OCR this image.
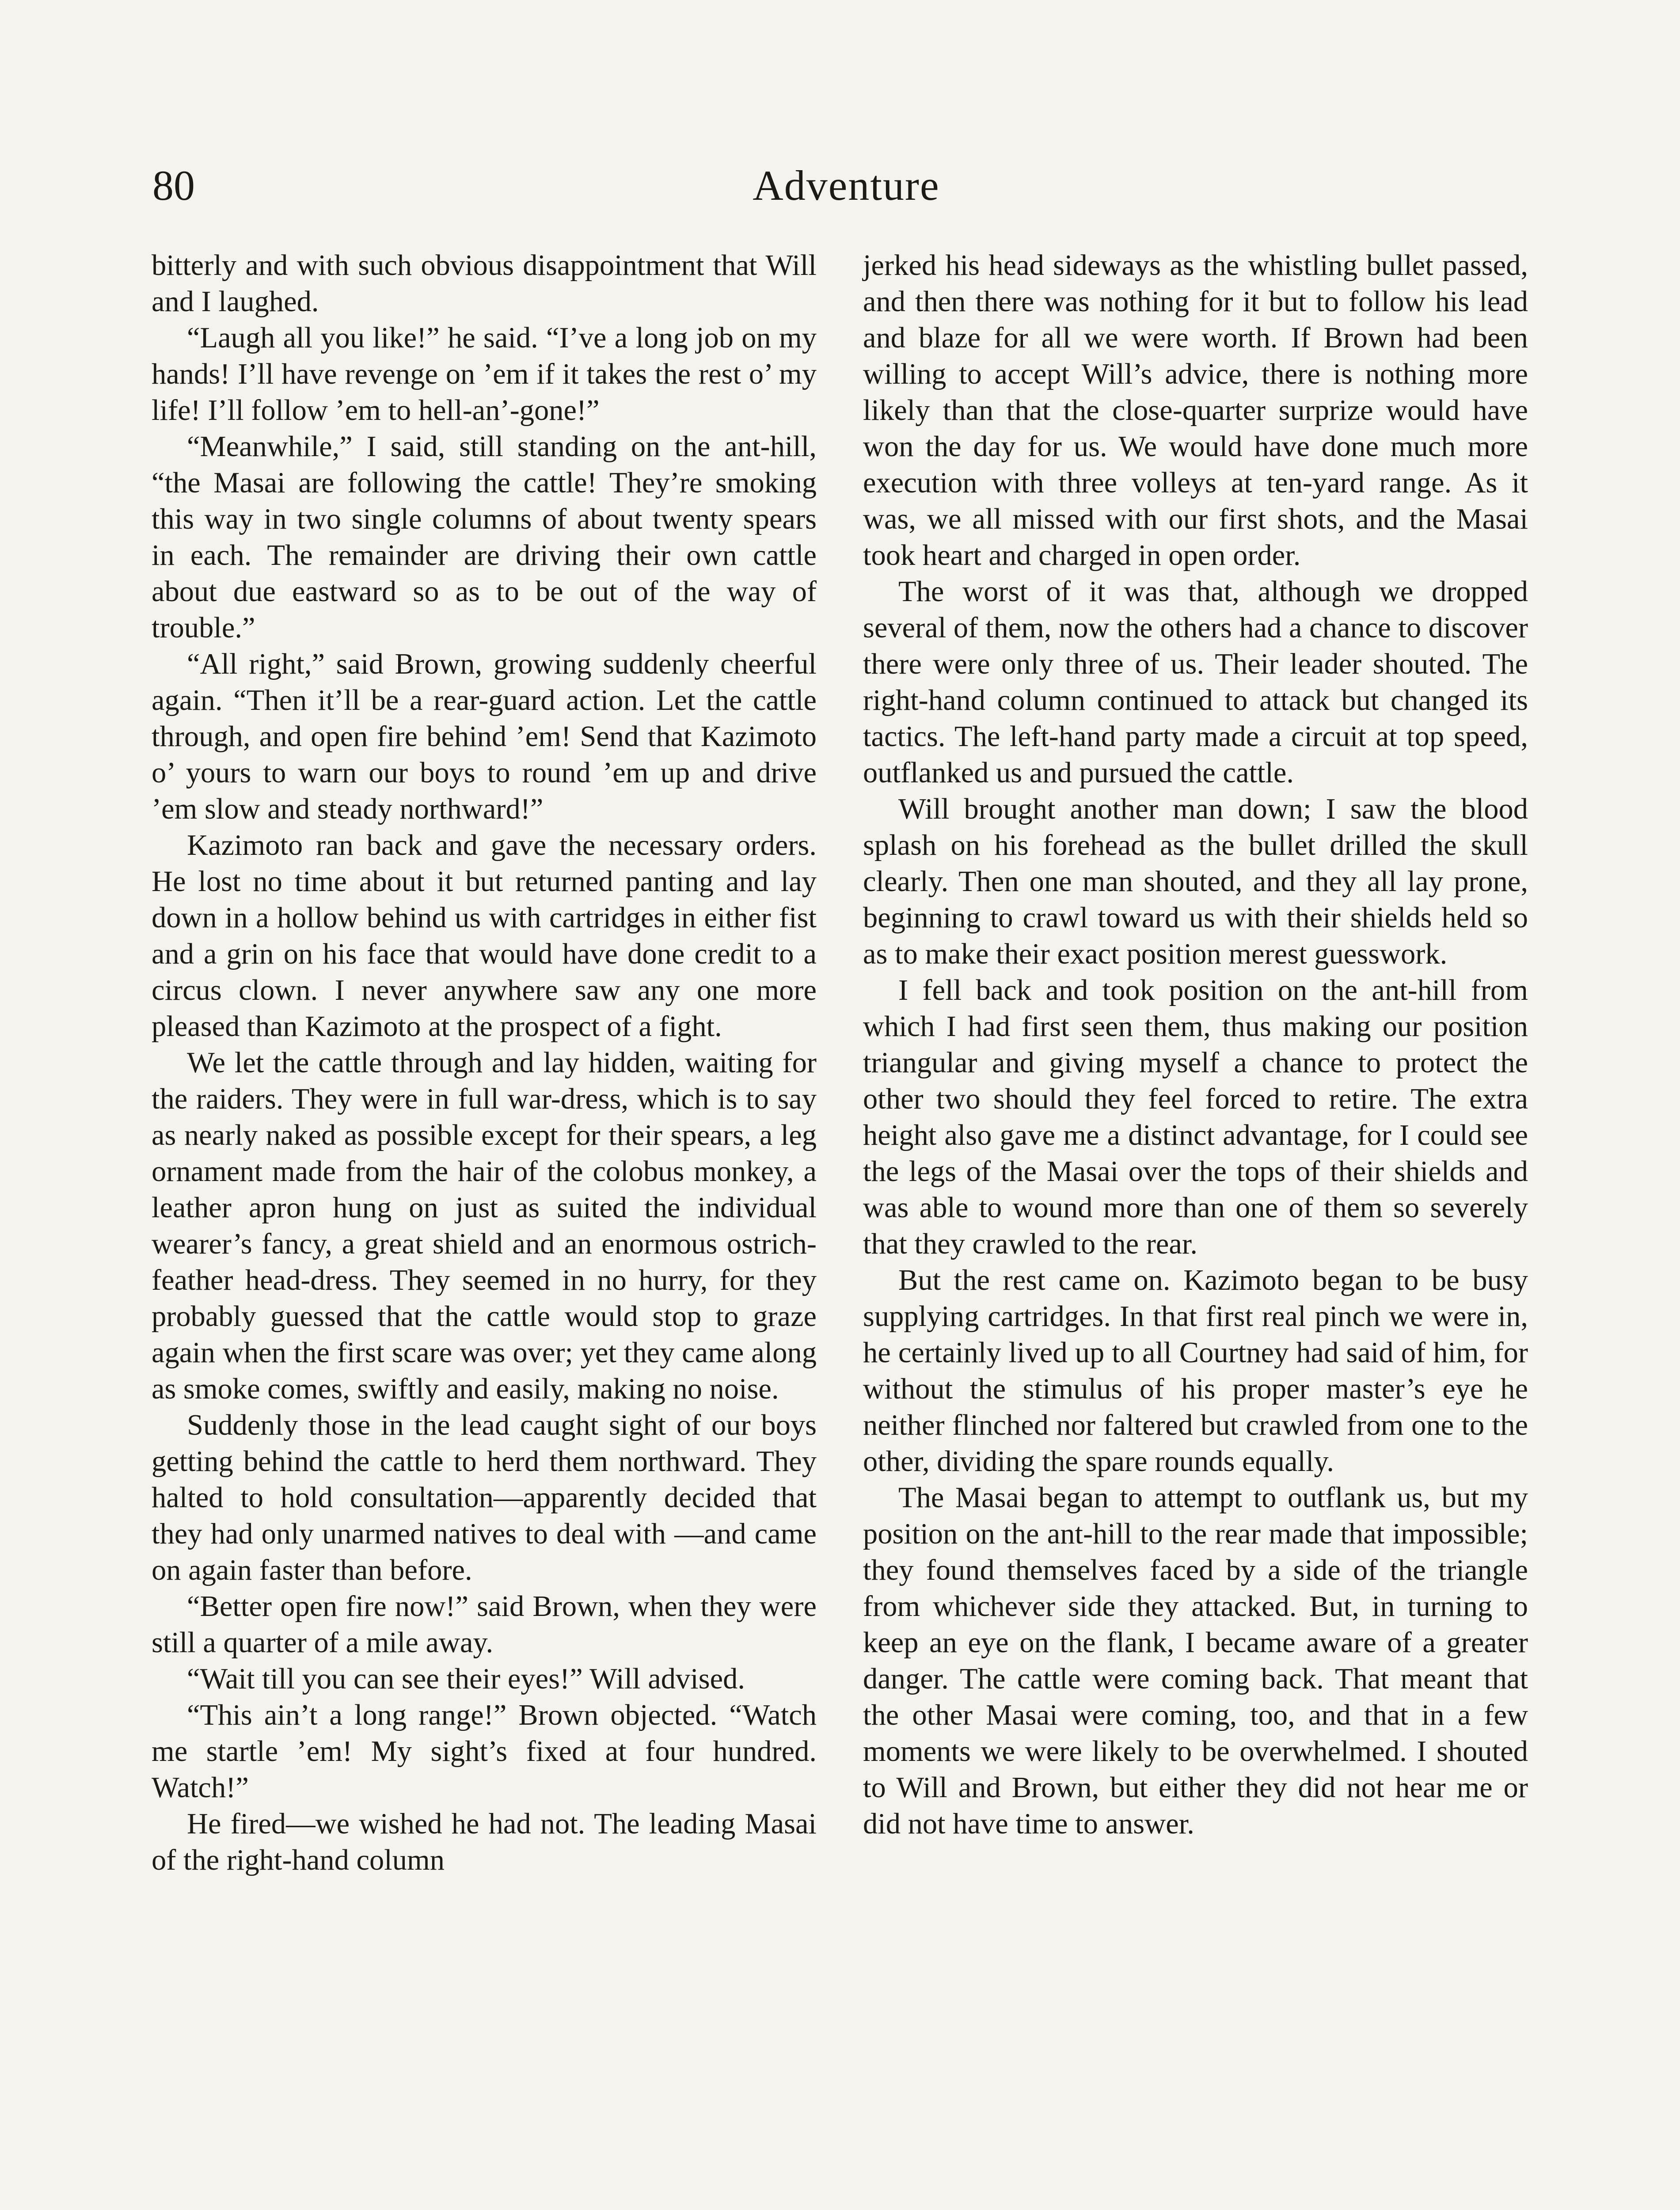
80	Adventure

bitterly and with such obvious disappointment that Will and I laughed.

“Laugh all you like!” he said. “I’ve a long job on my hands! I’ll have revenge on ’em if it takes the rest o’ my life! I’ll follow ’em to hell-an’-gone!”

“Meanwhile,” I said, still standing on the ant-hill, “the Masai are following the cattle! They’re smoking this way in two single columns of about twenty spears in each. The remainder are driving their own cattle about due eastward so as to be out of the way of trouble.”

“All right,” said Brown, growing suddenly cheerful again. “Then it’ll be a rear-guard action. Let the cattle through, and open fire behind ’em! Send that Kazimoto o’ yours to warn our boys to round ’em up and drive ’em slow and steady northward!”

Kazimoto ran back and gave the necessary orders. He lost no time about it but returned panting and lay down in a hollow behind us with cartridges in either fist and a grin on his face that would have done credit to a circus clown. I never anywhere saw any one more pleased than Kazimoto at the prospect of a fight.

We let the cattle through and lay hidden, waiting for the raiders. They were in full war-dress, which is to say as nearly naked as possible except for their spears, a leg ornament made from the hair of the colobus monkey, a leather apron hung on just as suited the individual wearer’s fancy, a great shield and an enormous ostrich-feather head-dress. They seemed in no hurry, for they probably guessed that the cattle would stop to graze again when the first scare was over; yet they came along as smoke comes, swiftly and easily, making no noise.

Suddenly those in the lead caught sight of our boys getting behind the cattle to herd them northward. They halted to hold consultation—apparently decided that they had only unarmed natives to deal with —and came on again faster than before.

“Better open fire now!” said Brown, when they were still a quarter of a mile away.

“Wait till you can see their eyes!” Will advised.

“This ain’t a long range!” Brown objected. “Watch me startle ’em! My sight’s fixed at four hundred. Watch!”

He fired—we wished he had not. The leading Masai of the right-hand column

jerked his head sideways as the whistling bullet passed, and then there was nothing for it but to follow his lead and blaze for all we were worth. If Brown had been willing to accept Will’s advice, there is nothing more likely than that the close-quarter surprize would have won the day for us. We would have done much more execution with three volleys at ten-yard range. As it was, we all missed with our first shots, and the Masai took heart and charged in open order.

The worst of it was that, although we dropped several of them, now the others had a chance to discover there were only three of us. Their leader shouted. The right-hand column continued to attack but changed its tactics. The left-hand party made a circuit at top speed, outflanked us and pursued the cattle.

Will brought another man down; I saw the blood splash on his forehead as the bullet drilled the skull clearly. Then one man shouted, and they all lay prone, beginning to crawl toward us with their shields held so as to make their exact position merest guesswork.

I fell back and took position on the ant-hill from which I had first seen them, thus making our position triangular and giving myself a chance to protect the other two should they feel forced to retire. The extra height also gave me a distinct advantage, for I could see the legs of the Masai over the tops of their shields and was able to wound more than one of them so severely that they crawled to the rear.

But the rest came on. Kazimoto began to be busy supplying cartridges. In that first real pinch we were in, he certainly lived up to all Courtney had said of him, for without the stimulus of his proper master’s eye he neither flinched nor faltered but crawled from one to the other, dividing the spare rounds equally.

The Masai began to attempt to outflank us, but my position on the ant-hill to the rear made that impossible; they found themselves faced by a side of the triangle from whichever side they attacked. But, in turning to keep an eye on the flank, I became aware of a greater danger. The cattle were coming back. That meant that the other Masai were coming, too, and that in a few moments we were likely to be overwhelmed. I shouted to Will and Brown, but either they did not hear me or did not have time to answer.
